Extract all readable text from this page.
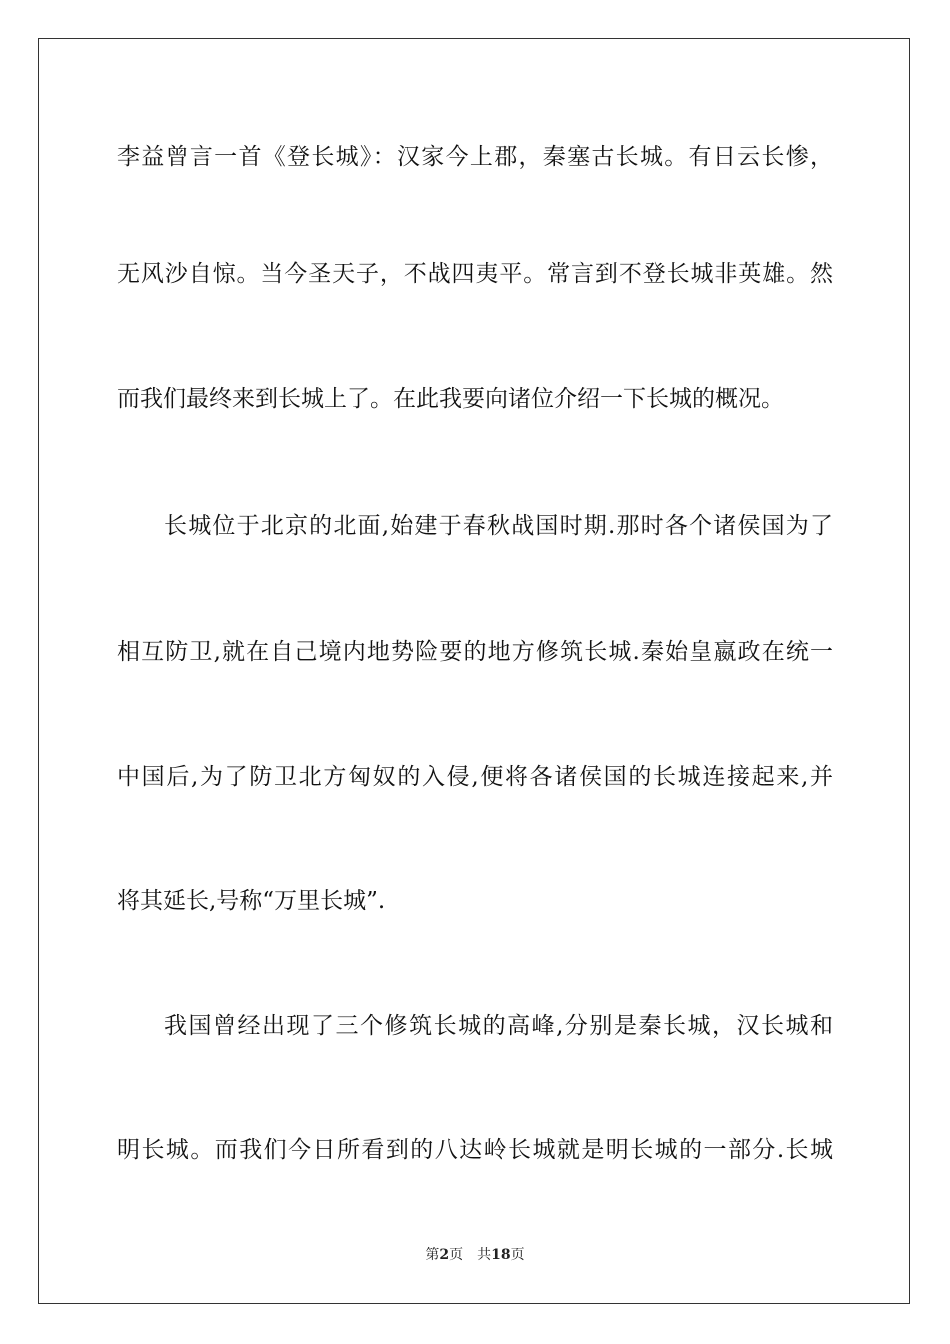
李益曾言一首《登长城》：汉家今上郡，秦塞古长城。有日云长惨，
无风沙自惊。当今圣天子，不战四夷平。常言到不登长城非英雄。然
而我们最终来到长城上了。在此我要向诸位介绍一下长城的概况。
长城位于北京的北面,始建于春秋战国时期.那时各个诸侯国为了
相互防卫,就在自己境内地势险要的地方修筑长城.秦始皇嬴政在统一
中国后,为了防卫北方匈奴的入侵,便将各诸侯国的长城连接起来,并
将其延长,号称“万里长城”.
我国曾经出现了三个修筑长城的高峰,分别是秦长城，汉长城和
明长城。而我们今日所看到的八达岭长城就是明长城的一部分.长城
第2页 共18页
